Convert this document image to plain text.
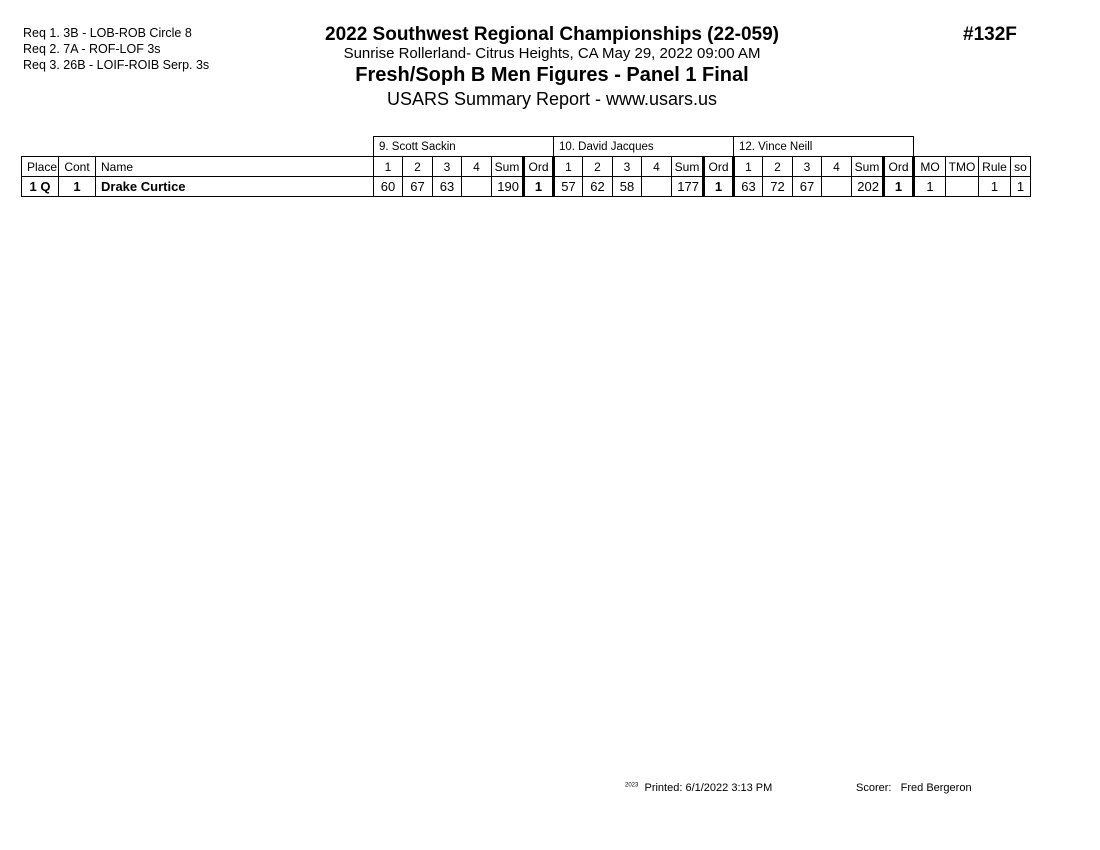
Req 1. 3B - LOB-ROB Circle 8
Req 2. 7A - ROF-LOF 3s
Req 3. 26B - LOIF-ROIB Serp. 3s
2022 Southwest Regional Championships (22-059)
Sunrise Rollerland- Citrus Heights, CA May 29, 2022 09:00 AM
Fresh/Soph B Men Figures - Panel 1 Final
USARS Summary Report - www.usars.us
#132F
			9. Scott Sackin						10. David Jacques						12. Vince Neill									
Place	Cont	Name	1	2	3	4	Sum	Ord	1	2	3	4	Sum	Ord	1	2	3	4	Sum	Ord	MO	TMO	Rule	so
1 Q	1	Drake Curtice	60	67	63		190	1	57	62	58		177	1	63	72	67		202	1	1		1	1
$^{2023}$ Printed: 6/1/2022 3:13 PM	Scorer: Fred Bergeron
